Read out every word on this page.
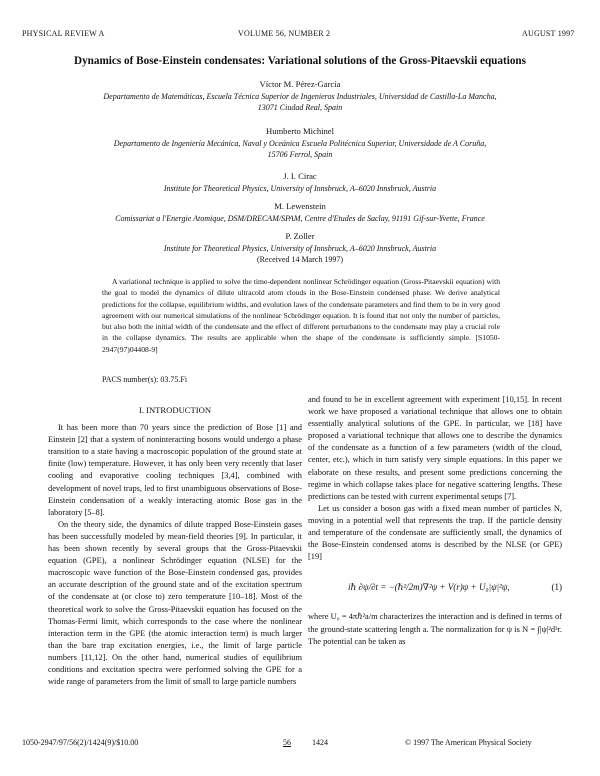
PHYSICAL REVIEW A	VOLUME 56, NUMBER 2	AUGUST 1997
Dynamics of Bose-Einstein condensates: Variational solutions of the Gross-Pitaevskii equations
Víctor M. Pérez-García
Departamento de Matemáticas, Escuela Técnica Superior de Ingenieros Industriales, Universidad de Castilla-La Mancha,
13071 Ciudad Real, Spain
Humberto Michinel
Departamento de Ingeniería Mecánica, Naval y Oceánica Escuela Politécnica Superior, Universidade de A Coruña,
15706 Ferrol, Spain
J. I. Cirac
Institute for Theoretical Physics, University of Innsbruck, A–6020 Innsbruck, Austria
M. Lewenstein
Comissariat a l'Energie Atomique, DSM/DRECAM/SPAM, Centre d'Etudes de Saclay, 91191 Gif-sur-Yvette, France
P. Zoller
Institute for Theoretical Physics, University of Innsbruck, A–6020 Innsbruck, Austria
(Received 14 March 1997)

A variational technique is applied to solve the time-dependent nonlinear Schrödinger equation (Gross-Pitaevskii equation) with the goal to model the dynamics of dilute ultracold atom clouds in the Bose-Einstein condensed phase. We derive analytical predictions for the collapse, equilibrium widths, and evolution laws of the condensate parameters and find them to be in very good agreement with our numerical simulations of the nonlinear Schrödinger equation. It is found that not only the number of particles, but also both the initial width of the condensate and the effect of different perturbations to the condensate may play a crucial role in the collapse dynamics. The results are applicable when the shape of the condensate is sufficiently simple. [S1050-2947(97)04408-9]

PACS number(s): 03.75.Fi
I. INTRODUCTION

It has been more than 70 years since the prediction of Bose [1] and Einstein [2] that a system of noninteracting bosons would undergo a phase transition to a state having a macroscopic population of the ground state at finite (low) temperature. However, it has only been very recently that laser cooling and evaporative cooling techniques [3,4], combined with development of novel traps, led to first unambiguous observations of Bose-Einstein condensation of a weakly interacting atomic Bose gas in the laboratory [5–8].

On the theory side, the dynamics of dilute trapped Bose-Einstein gases has been successfully modeled by mean-field theories [9]. In particular, it has been shown recently by several groups that the Gross-Pitaevskii equation (GPE), a nonlinear Schrödinger equation (NLSE) for the macroscopic wave function of the Bose-Einstein condensed gas, provides an accurate description of the ground state and of the excitation spectrum of the condensate at (or close to) zero temperature [10–18]. Most of the theoretical work to solve the Gross-Pitaevskii equation has focused on the Thomas-Fermi limit, which corresponds to the case where the nonlinear interaction term in the GPE (the atomic interaction term) is much larger than the bare trap excitation energies, i.e., the limit of large particle numbers [11,12]. On the other hand, numerical studies of equilibrium conditions and excitation spectra were performed solving the GPE for a wide range of parameters from the limit of small to large particle numbers

and found to be in excellent agreement with experiment [10,15]. In recent work we have proposed a variational technique that allows one to obtain essentially analytical solutions of the GPE. In particular, we [18] have proposed a variational technique that allows one to describe the dynamics of the condensate as a function of a few parameters (width of the cloud, center, etc.), which in turn satisfy very simple equations. In this paper we elaborate on these results, and present some predictions concerning the regime in which collapse takes place for negative scattering lengths. These predictions can be tested with current experimental setups [7].

Let us consider a boson gas with a fixed mean number of particles N, moving in a potential well that represents the trap. If the particle density and temperature of the condensate are sufficiently small, the dynamics of the Bose-Einstein condensed atoms is described by the NLSE (or GPE) [19]

iℏ ∂ψ/∂t = −(ℏ²/2m)∇²ψ + V(r)ψ + U₀|ψ|²ψ,	(1)

where U₀ = 4πℏ²a/m characterizes the interaction and is defined in terms of the ground-state scattering length a. The normalization for ψ is N = ∫|ψ|²d³r. The potential can be taken as

1050-2947/97/56(2)/1424(9)/$10.00	56	1424	© 1997 The American Physical Society
